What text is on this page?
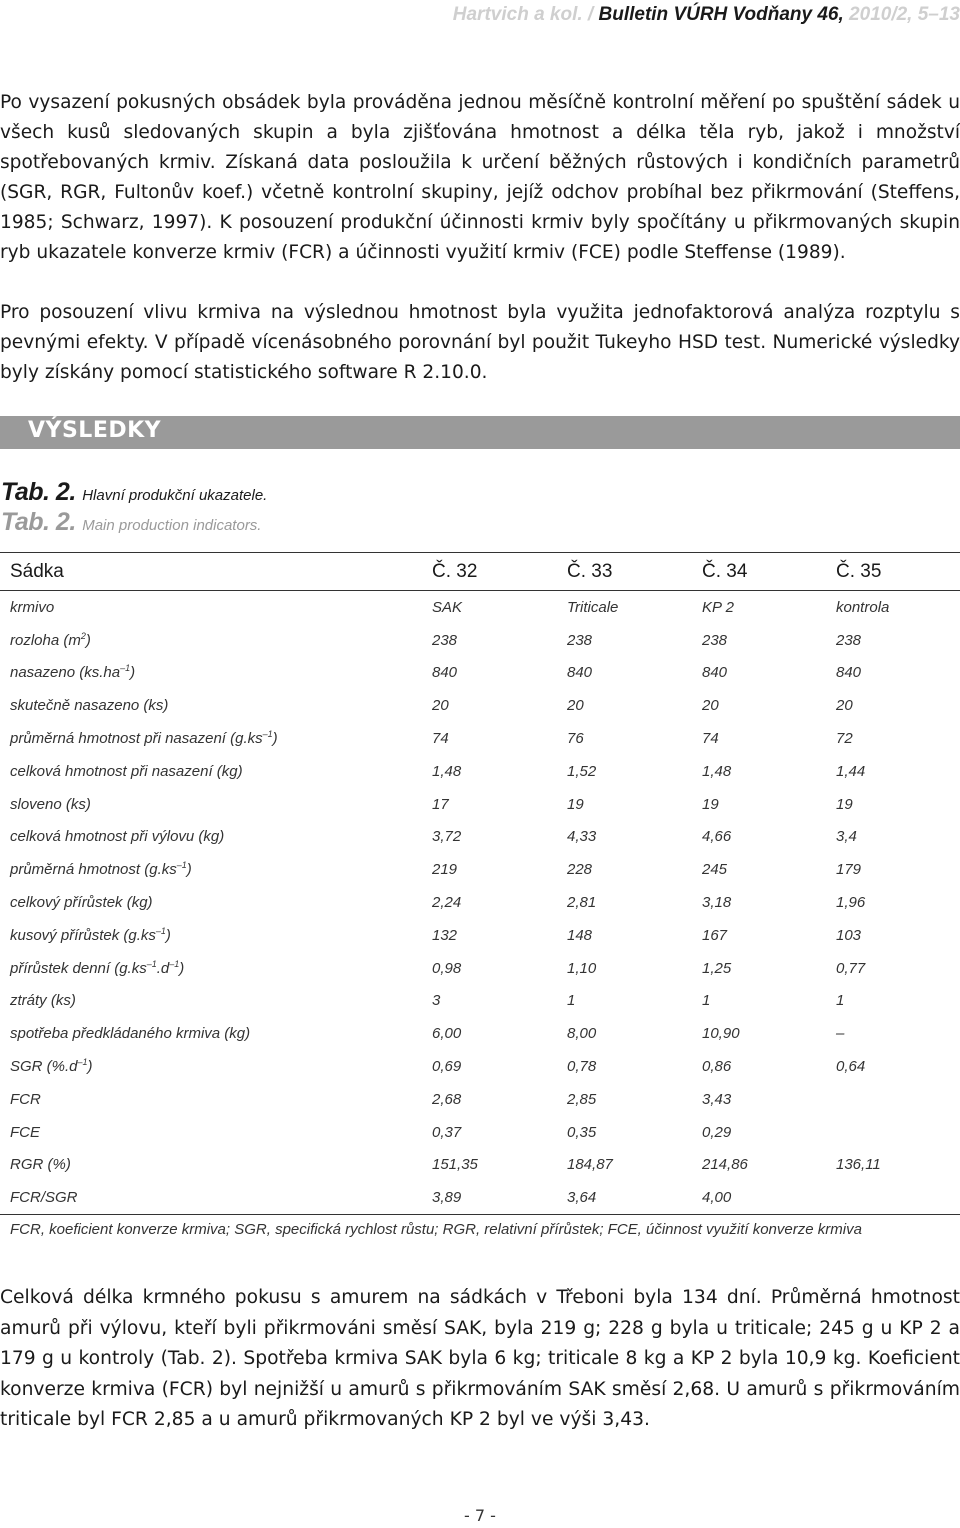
Hartvich a kol. / Bulletin VÚRH Vodňany 46, 2010/2, 5–13

Po vysazení pokusných obsádek byla prováděna jednou měsíčně kontrolní měření po spuštění sádek u všech kusů sledovaných skupin a byla zjišťována hmotnost a délka těla ryb, jakož i množství spotřebovaných krmiv. Získaná data posloužila k určení běžných růstových i kondičních parametrů (SGR, RGR, Fultonův koef.) včetně kontrolní skupiny, jejíž odchov probíhal bez přikrmování (Steffens, 1985; Schwarz, 1997). K posouzení produkční účinnosti krmiv byly spočítány u přikrmovaných skupin ryb ukazatele konverze krmiv (FCR) a účinnosti využití krmiv (FCE) podle Steffense (1989).

Pro posouzení vlivu krmiva na výslednou hmotnost byla využita jednofaktorová analýza rozptylu s pevnými efekty. V případě vícenásobného porovnání byl použit Tukeyho HSD test. Numerické výsledky byly získány pomocí statistického software R 2.10.0.

VÝSLEDKY
Tab. 2. Hlavní produkční ukazatele.
Tab. 2. Main production indicators.
Sádka	Č. 32	Č. 33	Č. 34	Č. 35
krmivo	SAK	Triticale	KP 2	kontrola
rozloha $(m^2)$	238	238	238	238
nasazeno $(ks.ha^{-1})$	840	840	840	840
skutečně nasazeno (ks)	20	20	20	20
průměrná hmotnost při nasazení $(g.ks^{-1})$	74	76	74	72
celková hmotnost při nasazení (kg)	1,48	1,52	1,48	1,44
sloveno (ks)	17	19	19	19
celková hmotnost při výlovu (kg)	3,72	4,33	4,66	3,4
průměrná hmotnost $(g.ks^{-1})$	219	228	245	179
celkový přírůstek (kg)	2,24	2,81	3,18	1,96
kusový přírůstek $(g.ks^{-1})$	132	148	167	103
přírůstek denní $(g.ks^{-1}.d^{-1})$	0,98	1,10	1,25	0,77
ztráty (ks)	3	1	1	1
spotřeba předkládaného krmiva (kg)	6,00	8,00	10,90	–
SGR $(\%.d^{-1})$	0,69	0,78	0,86	0,64
FCR	2,68	2,85	3,43	
FCE	0,37	0,35	0,29	
RGR (%)	151,35	184,87	214,86	136,11
FCR/SGR	3,89	3,64	4,00	
FCR, koeficient konverze krmiva; SGR, specifická rychlost růstu; RGR, relativní přírůstek; FCE, účinnost využití konverze krmiva

Celková délka krmného pokusu s amurem na sádkách v Třeboni byla 134 dní. Průměrná hmotnost amurů při výlovu, kteří byli přikrmováni směsí SAK, byla 219 g; 228 g byla u triticale; 245 g u KP 2 a 179 g u kontroly (Tab. 2). Spotřeba krmiva SAK byla 6 kg; triticale 8 kg a KP 2 byla 10,9 kg. Koeficient konverze krmiva (FCR) byl nejnižší u amurů s přikrmováním SAK směsí 2,68. U amurů s přikrmováním triticale byl FCR 2,85 a u amurů přikrmovaných KP 2 byl ve výši 3,43.

- 7 -
